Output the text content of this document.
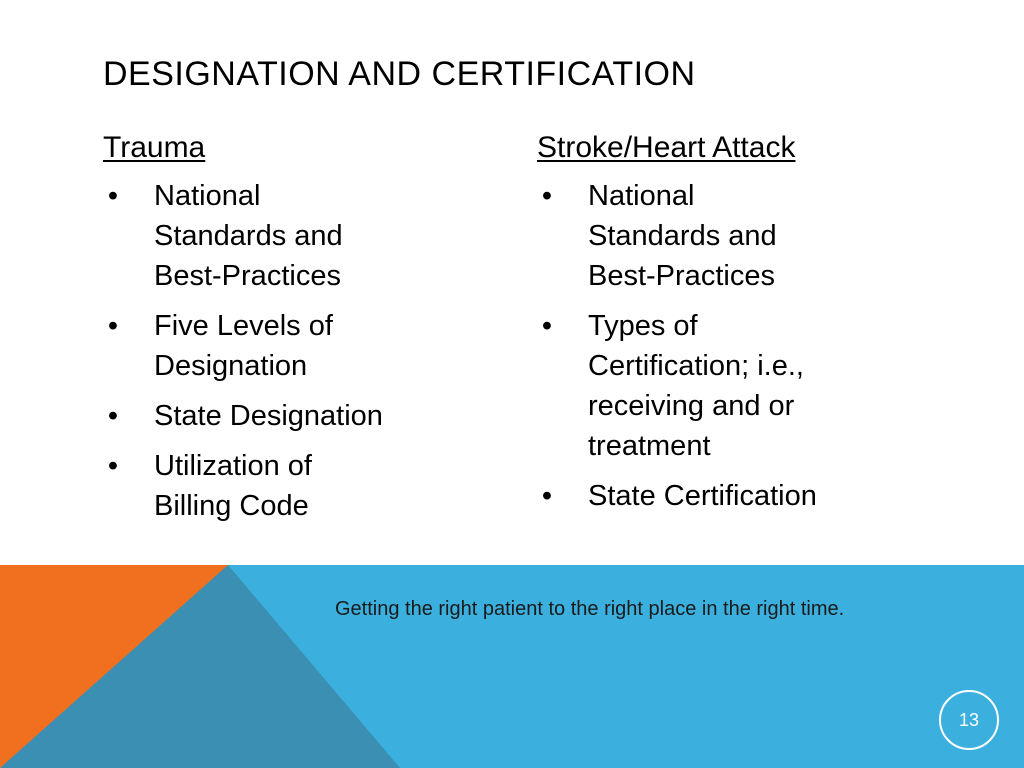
DESIGNATION AND CERTIFICATION
Trauma
• National
Standards and
Best-Practices
• Five Levels of
Designation
• State Designation
• Utilization of
Billing Code
Stroke/Heart Attack
• National
Standards and
Best-Practices
• Types of
Certification; i.e.,
receiving and or
treatment
• State Certification
Getting the right patient to the right place in the right time.
13
